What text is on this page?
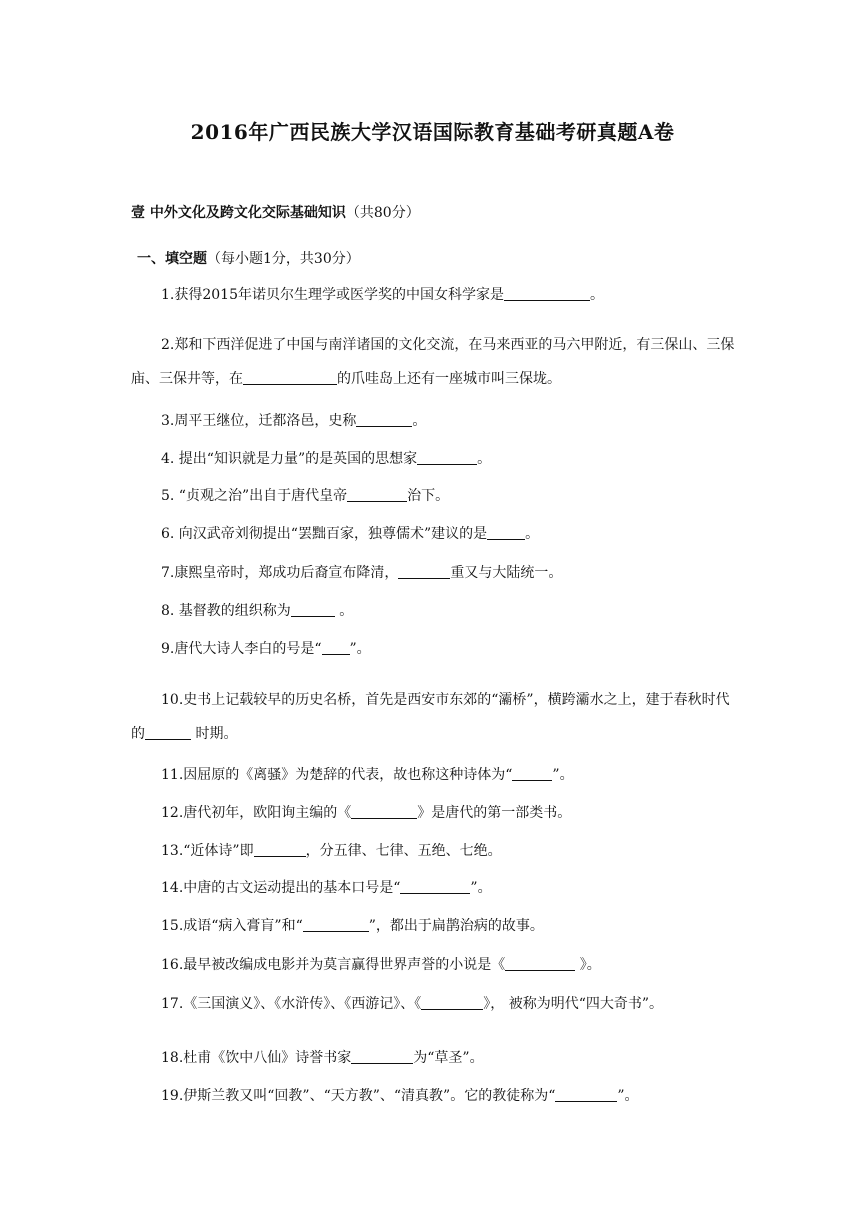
2016年广西民族大学汉语国际教育基础考研真题A卷
壹 中外文化及跨文化交际基础知识（共80分）
一、填空题（每小题1分，共30分）
1.获得2015年诺贝尔生理学或医学奖的中国女科学家是	。
2.郑和下西洋促进了中国与南洋诸国的文化交流，在马来西亚的马六甲附近，有三保山、三保庙、三保井等，在	的爪哇岛上还有一座城市叫三保垅。
3.周平王继位，迁都洛邑，史称	。
4. 提出“知识就是力量”的是英国的思想家	。
5. “贞观之治”出自于唐代皇帝	治下。
6. 向汉武帝刘彻提出“罢黜百家，独尊儒术”建议的是	。
7.康熙皇帝时，郑成功后裔宣布降清，	重又与大陆统一。
8. 基督教的组织称为	。
9.唐代大诗人李白的号是“ ”。
10.史书上记载较早的历史名桥，首先是西安市东郊的“灞桥”，横跨灞水之上，建于春秋时代的	时期。
11.因屈原的《离骚》为楚辞的代表，故也称这种诗体为“	”。
12.唐代初年，欧阳询主编的《	》是唐代的第一部类书。
13.“近体诗”即	，分五律、七律、五绝、七绝。
14.中唐的古文运动提出的基本口号是“	”。
15.成语“病入膏肓”和“	”，都出于扁鹊治病的故事。
16.最早被改编成电影并为莫言赢得世界声誉的小说是《	》。
17.《三国演义》、《水浒传》、《西游记》、《	》， 被称为明代“四大奇书”。
18.杜甫《饮中八仙》诗誉书家	为“草圣”。
19.伊斯兰教又叫“回教”、“天方教”、“清真教”。它的教徒称为“	”。
